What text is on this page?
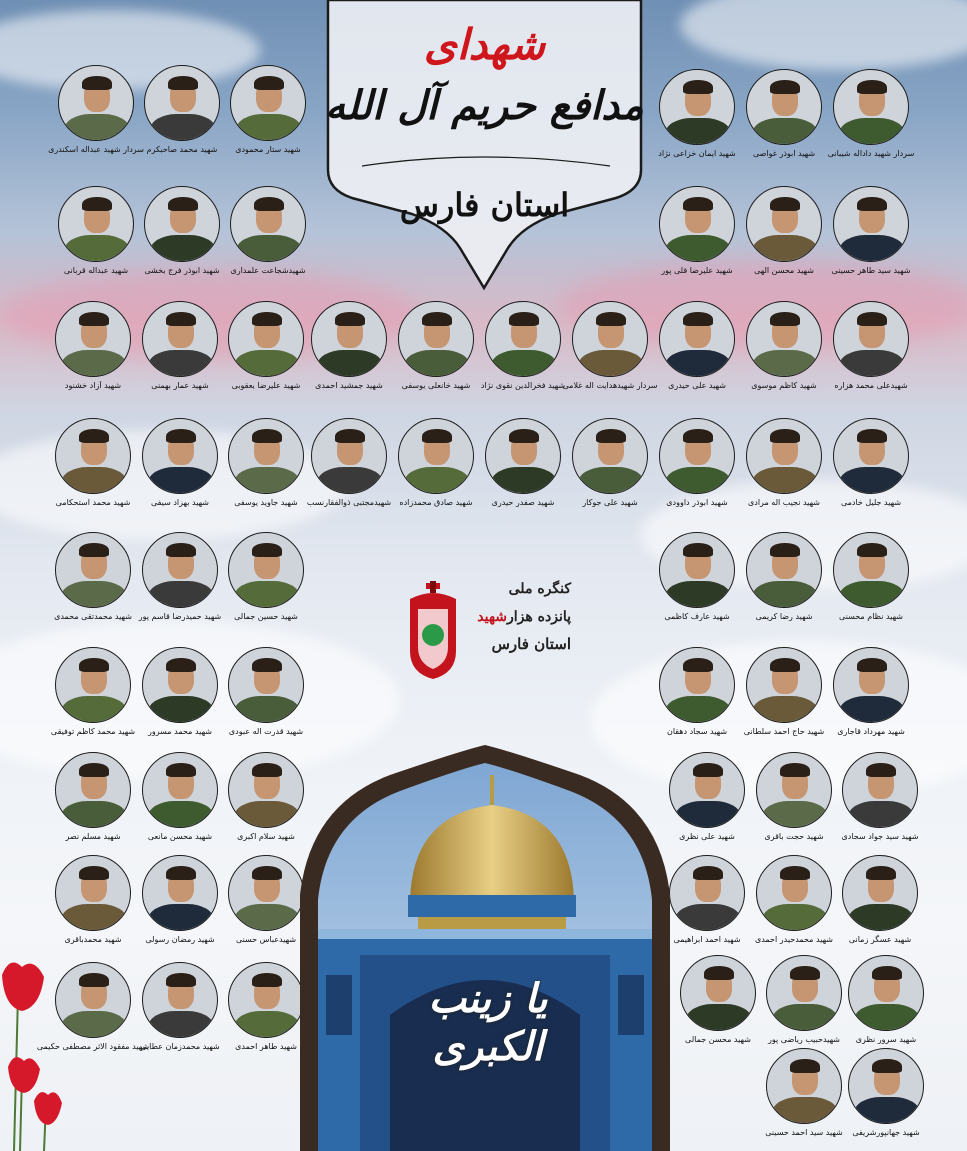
شهدای
مدافع حریم آل الله
استان فارس
سردار شهید داداله شیبانی
شهید ابوذر غواصی
شهید ایمان خزاعی نژاد
شهید ستار محمودی
شهید محمد صاحبکرم
سردار شهید عبداله اسکندری
شهید سید طاهر حسینی
شهید محسن الهی
شهید علیرضا قلی پور
شهیدشجاعت علمداری
شهید ابوذر فرج بخشی
شهید عبداله قربانی
شهیدعلی محمد هزاره
شهید کاظم موسوی
شهید علی حیدری
سردار شهیدهدایت اله غلامی
شهید فخرالدین نقوی نژاد
شهید خانعلی یوسفی
شهید جمشید احمدی
شهید علیرضا یعقوبی
شهید عمار بهمنی
شهید آزاد خشنود
شهید جلیل خادمی
شهید نجیب اله مرادی
شهید ابوذر داوودی
شهید علی جوکار
شهید صفدر حیدری
شهید صادق محمدزاده
شهیدمجتبی ذوالفقارنسب
شهید جاوید یوسفی
شهید بهزاد سیفی
شهید محمد استحکامی
شهید نظام محسنی
شهید رضا کریمی
شهید عارف کاظمی
شهید حسین جمالی
شهید حمیدرضا قاسم پور
شهید محمدتقی محمدی
شهید مهرداد قاجاری
شهید حاج احمد سلطانی
شهید سجاد دهقان
شهید قدرت اله عبودی
شهید محمد مسرور
شهید محمد کاظم توفیقی
شهید سید جواد سجادی
شهید حجت باقری
شهید علی نظری
شهید سلام اکبری
شهید محسن مانعی
شهید مسلم نصر
شهید عسگر زمانی
شهید محمدحیدر احمدی
شهید احمد ابراهیمی
شهیدعباس حسنی
شهید رمضان رسولی
شهید محمدباقری
شهید سرور نظری
شهیدحبیب ریاضی پور
شهید محسن جمالی
شهید طاهر احمدی
شهید محمدزمان عطایی
شهید مفقود الاثر مصطفی حکیمی
شهید جهانپورشریفی
شهید سید احمد حسینی
کنگره ملی
پانزده هزارشهید
استان فارس
یا زینب الکبری
